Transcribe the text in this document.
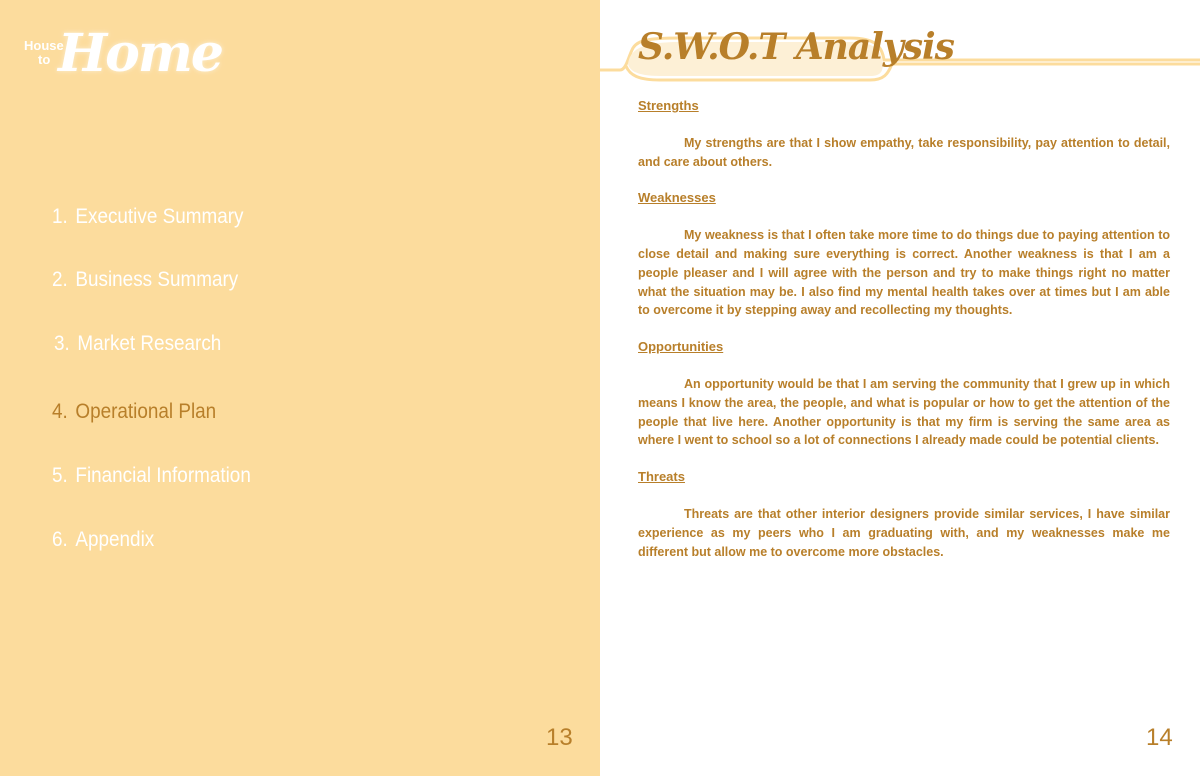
House
to Home
1. Executive Summary
2. Business Summary
3. Market Research
4. Operational Plan
5. Financial Information
6. Appendix
13
S.W.O.T Analysis
Strengths

My strengths are that I show empathy, take responsibility, pay attention to detail, and care about others.

Weaknesses

My weakness is that I often take more time to do things due to paying attention to close detail and making sure everything is correct. Another weakness is that I am a people pleaser and I will agree with the person and try to make things right no matter what the situation may be. I also find my mental health takes over at times but I am able to overcome it by stepping away and recollecting my thoughts.

Opportunities

An opportunity would be that I am serving the community that I grew up in which means I know the area, the people, and what is popular or how to get the attention of the people that live here. Another opportunity is that my firm is serving the same area as where I went to school so a lot of connections I already made could be potential clients.

Threats

Threats are that other interior designers provide similar services, I have similar experience as my peers who I am graduating with, and my weaknesses make me different but allow me to overcome more obstacles.

14
